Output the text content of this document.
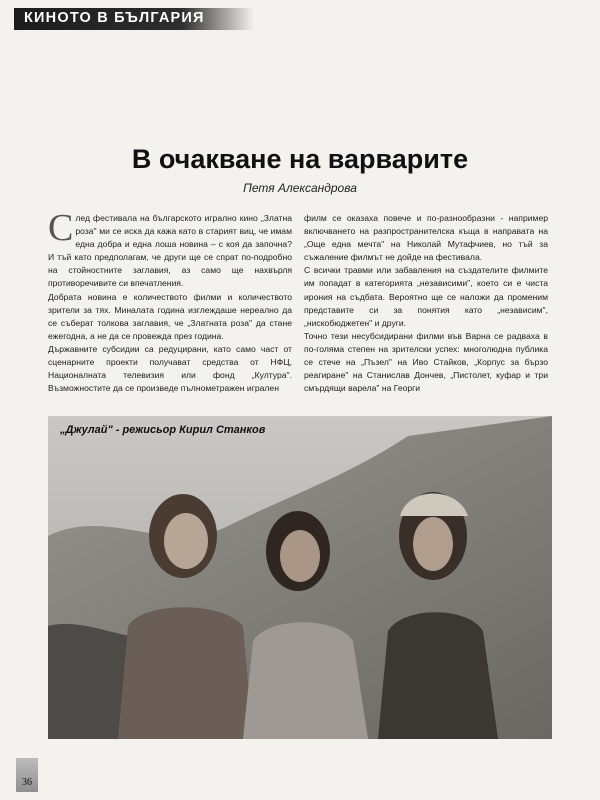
КИНОТО В БЪЛГАРИЯ
В очакване на варварите

Петя Александрова

След фестивала на българското игрално кино „Златна роза" ми се иска да кажа като в старият виц, че имам една добра и една лоша новина – с коя да започна? И тъй като предполагам, че други ще се спрат по-подробно на стойностните заглавия, аз само ще нахвърля противоречивите си впечатления.

Добрата новина е количеството филми и количеството зрители за тях. Миналата година изглеждаше нереално да се съберат толкова заглавия, че „Златната роза" да стане ежегодна, а не да се провежда през година.

Държавните субсидии са редуцирани, като само част от сценарните проекти получават средства от НФЦ, Националната телевизия или фонд „Култура". Възможностите да се произведе пълнометражен игрален

филм се оказаха повече и по-разнообразни - например включването на разпространителска къща в направата на „Още една мечта" на Николай Мутафчиев, но тъй за съжаление филмът не дойде на фестивала.

С всички травми или забавления на създателите филмите им попадат в категорията „независими", което си е чиста ирония на съдбата. Вероятно ще се наложи да променим представите си за понятия като „независим", „нискобюджетен" и други.

Точно тези несубсидирани филми във Варна се радваха в по-голяма степен на зрителски успех: многолюдна публика се стече на „Пъзел" на Иво Стайков, „Корпус за бързо реагиране" на Станислав Дончев, „Пистолет, куфар и три смърдящи варела" на Георги

„Джулай" - режисьор Кирил Станков
36
